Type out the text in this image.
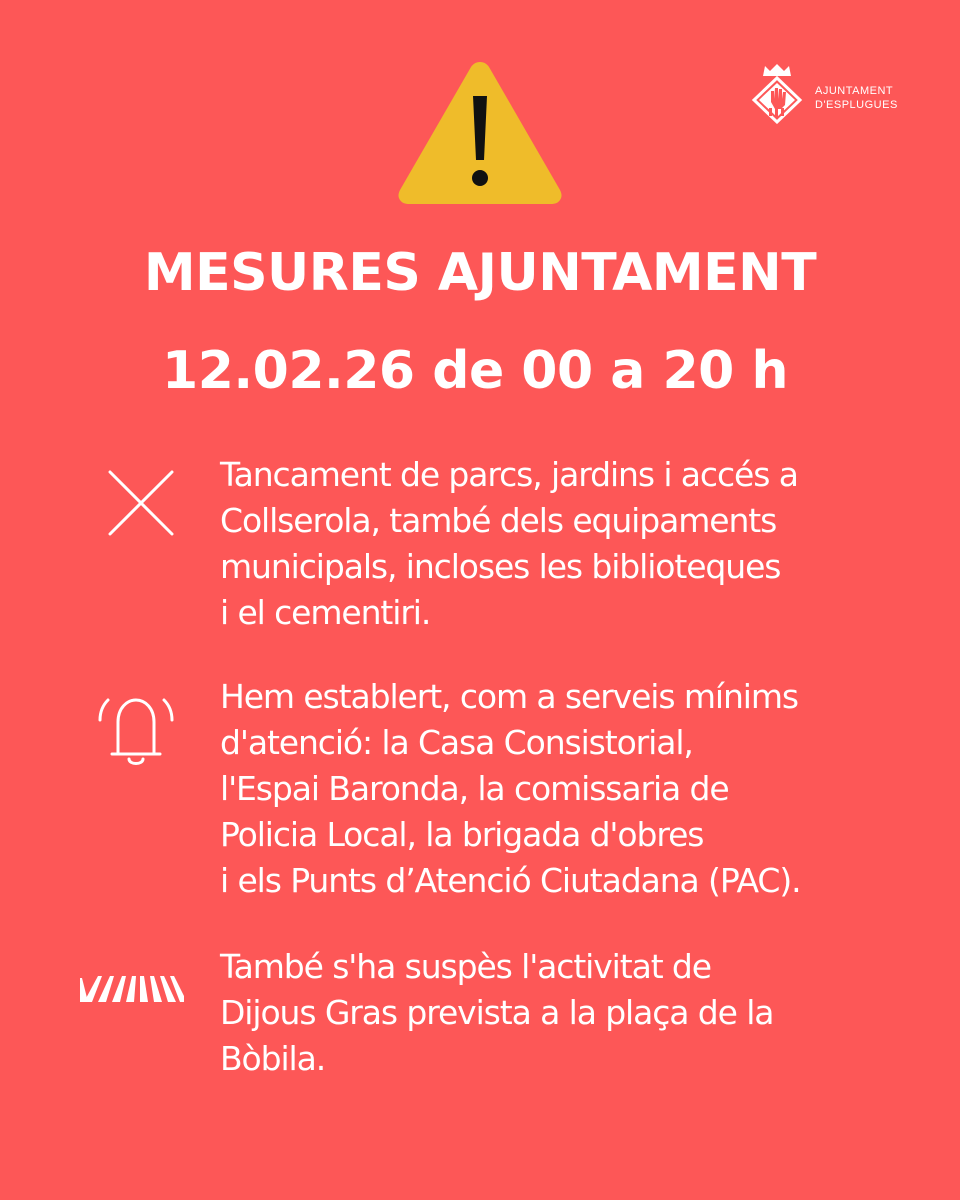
AJUNTAMENT
D'ESPLUGUES
MESURES AJUNTAMENT
12.02.26 de 00 a 20 h

Tancament de parcs, jardins i accés a
Collserola, també dels equipaments
municipals, incloses les biblioteques
i el cementiri.

Hem establert, com a serveis mínims
d'atenció: la Casa Consistorial,
l'Espai Baronda, la comissaria de
Policia Local, la brigada d'obres
i els Punts d’Atenció Ciutadana (PAC).

També s'ha suspès l'activitat de
Dijous Gras prevista a la plaça de la
Bòbila.
